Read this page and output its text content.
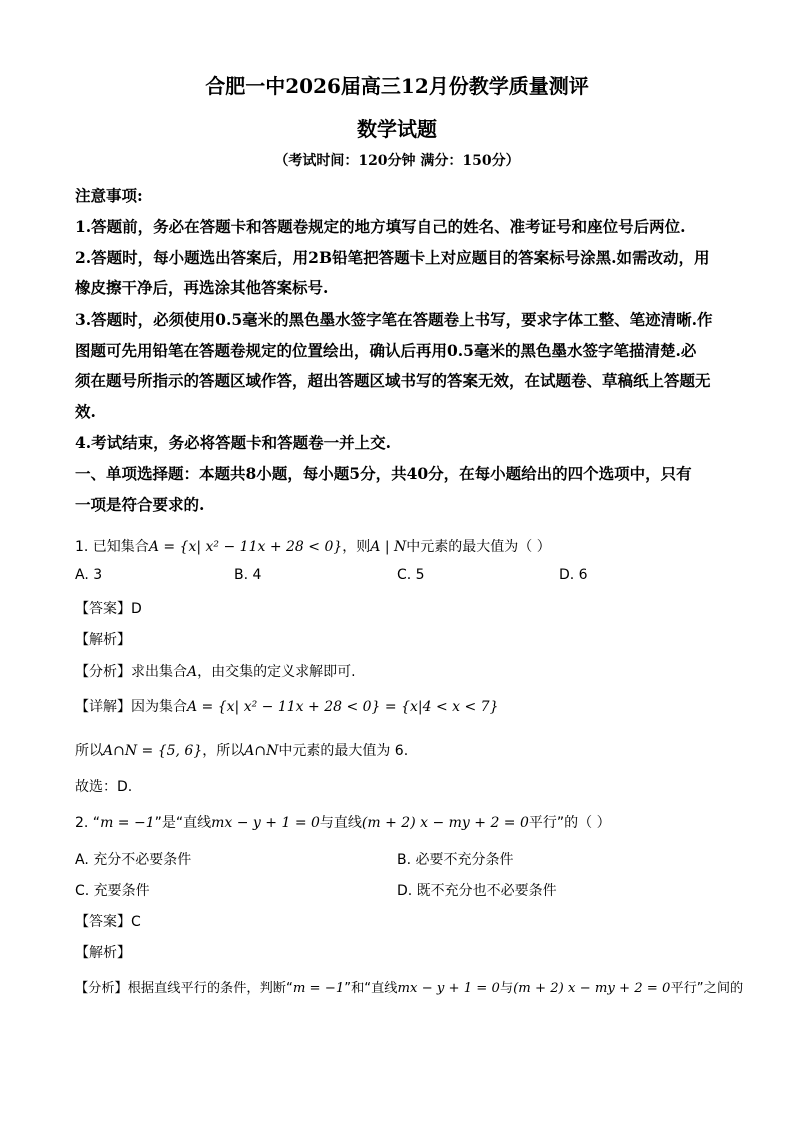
合肥一中2026届高三12月份教学质量测评
数学试题
（考试时间：120分钟 满分：150分）
注意事项:
1.答题前，务必在答题卡和答题卷规定的地方填写自己的姓名、准考证号和座位号后两位.
2.答题时，每小题选出答案后，用2B铅笔把答题卡上对应题目的答案标号涂黑.如需改动，用
橡皮擦干净后，再选涂其他答案标号.
3.答题时，必须使用0.5毫米的黑色墨水签字笔在答题卷上书写，要求字体工整、笔迹清晰.作
图题可先用铅笔在答题卷规定的位置绘出，确认后再用0.5毫米的黑色墨水签字笔描清楚.必
须在题号所指示的答题区域作答，超出答题区域书写的答案无效，在试题卷、草稿纸上答题无
效.
4.考试结束，务必将答题卡和答题卷一并上交.
一、单项选择题：本题共8小题，每小题5分，共40分，在每小题给出的四个选项中，只有
一项是符合要求的.
1. 已知集合A = {x| x² − 11x + 28 < 0}，则A | N中元素的最大值为（ ）
A. 3	B. 4	C. 5	D. 6
【答案】D
【解析】
【分析】求出集合A，由交集的定义求解即可.
【详解】因为集合A = {x| x² − 11x + 28 < 0} = {x|4 < x < 7}
所以A∩N = {5, 6}，所以A∩N中元素的最大值为 6.
故选：D.
2. “m = −1”是“直线mx − y + 1 = 0与直线(m + 2) x − my + 2 = 0平行”的（ ）
A. 充分不必要条件	B. 必要不充分条件
C. 充要条件	D. 既不充分也不必要条件
【答案】C
【解析】
【分析】根据直线平行的条件，判断“m = −1”和“直线mx − y + 1 = 0与(m + 2) x − my + 2 = 0平行”之间的
